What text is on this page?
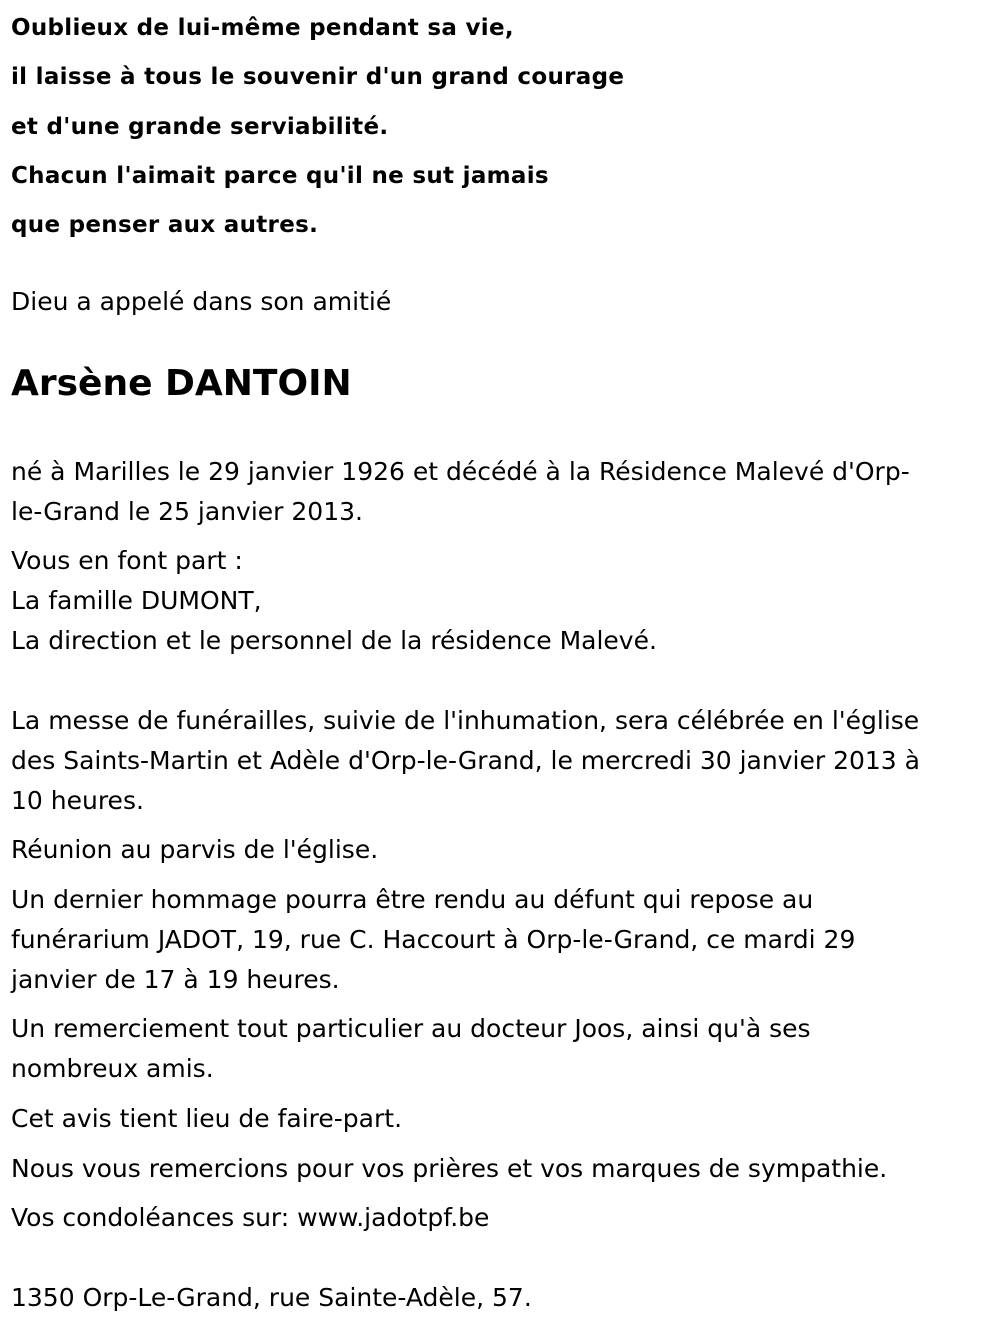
Oublieux de lui-même pendant sa vie,
il laisse à tous le souvenir d'un grand courage
et d'une grande serviabilité.
Chacun l'aimait parce qu'il ne sut jamais
que penser aux autres.
Dieu a appelé dans son amitié
Arsène DANTOIN
né à Marilles le 29 janvier 1926 et décédé à la Résidence Malevé d'Orp-
le-Grand le 25 janvier 2013.
Vous en font part :
La famille DUMONT,
La direction et le personnel de la résidence Malevé.
La messe de funérailles, suivie de l'inhumation, sera célébrée en l'église
des Saints-Martin et Adèle d'Orp-le-Grand, le mercredi 30 janvier 2013 à
10 heures.
Réunion au parvis de l'église.
Un dernier hommage pourra être rendu au défunt qui repose au
funérarium JADOT, 19, rue C. Haccourt à Orp-le-Grand, ce mardi 29
janvier de 17 à 19 heures.
Un remerciement tout particulier au docteur Joos, ainsi qu'à ses
nombreux amis.
Cet avis tient lieu de faire-part.
Nous vous remercions pour vos prières et vos marques de sympathie.
Vos condoléances sur: www.jadotpf.be
1350 Orp-Le-Grand, rue Sainte-Adèle, 57.
